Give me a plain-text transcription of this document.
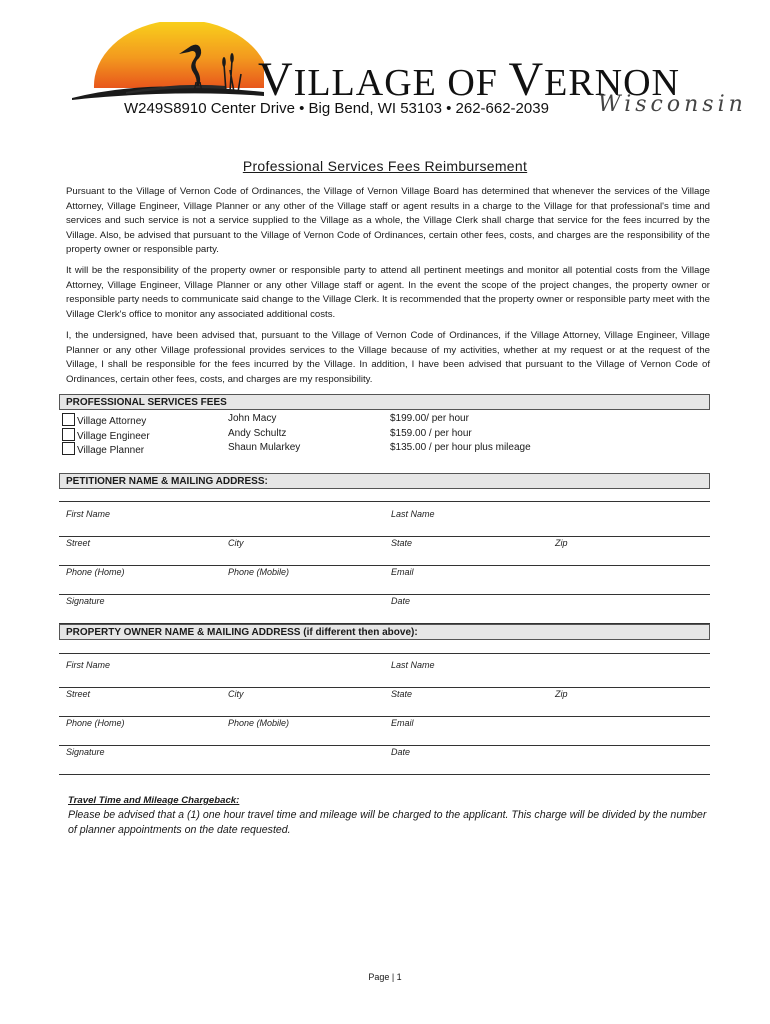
VILLAGE OF VERNON
Wisconsin
W249S8910 Center Drive • Big Bend, WI 53103 • 262-662-2039
Professional Services Fees Reimbursement
Pursuant to the Village of Vernon Code of Ordinances, the Village of Vernon Village Board has determined that whenever the services of the Village Attorney, Village Engineer, Village Planner or any other of the Village staff or agent results in a charge to the Village for that professional's time and services and such service is not a service supplied to the Village as a whole, the Village Clerk shall charge that service for the fees incurred by the Village. Also, be advised that pursuant to the Village of Vernon Code of Ordinances, certain other fees, costs, and charges are the responsibility of the property owner or responsible party.
It will be the responsibility of the property owner or responsible party to attend all pertinent meetings and monitor all potential costs from the Village Attorney, Village Engineer, Village Planner or any other Village staff or agent. In the event the scope of the project changes, the property owner or responsible party needs to communicate said change to the Village Clerk. It is recommended that the property owner or responsible party meet with the Village Clerk's office to monitor any associated additional costs.
I, the undersigned, have been advised that, pursuant to the Village of Vernon Code of Ordinances, if the Village Attorney, Village Engineer, Village Planner or any other Village professional provides services to the Village because of my activities, whether at my request or at the request of the Village, I shall be responsible for the fees incurred by the Village. In addition, I have been advised that pursuant to the Village of Vernon Code of Ordinances, certain other fees, costs, and charges are my responsibility.
PROFESSIONAL SERVICES FEES
Village Attorney	John Macy	$199.00/ per hour
Village Engineer	Andy Schultz	$159.00 / per hour
Village Planner	Shaun Mularkey	$135.00 / per hour plus mileage
PETITIONER NAME & MAILING ADDRESS:
First Name	Last Name
Street	City	State	Zip
Phone (Home)	Phone (Mobile)	Email
Signature	Date
PROPERTY OWNER NAME & MAILING ADDRESS (if different then above):
First Name	Last Name
Street	City	State	Zip
Phone (Home)	Phone (Mobile)	Email
Signature	Date
Travel Time and Mileage Chargeback:
Please be advised that a (1) one hour travel time and mileage will be charged to the applicant. This charge will be divided by the number of planner appointments on the date requested.
Page | 1
